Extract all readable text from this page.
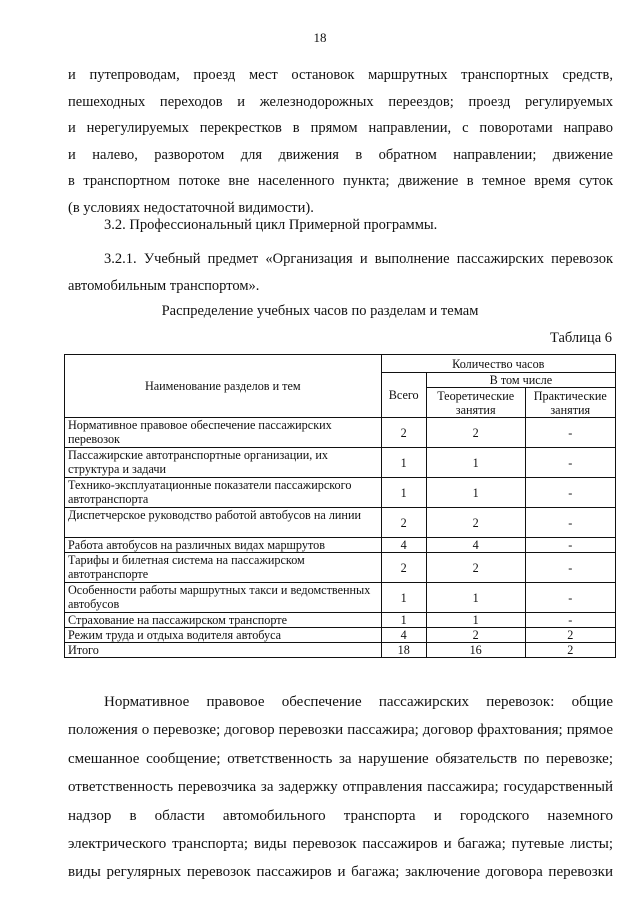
18
и путепроводам, проезд мест остановок маршрутных транспортных средств,
пешеходных переходов и железнодорожных переездов; проезд регулируемых
и нерегулируемых перекрестков в прямом направлении, с поворотами направо
и налево, разворотом для движения в обратном направлении; движение
в транспортном потоке вне населенного пункта; движение в темное время суток
(в условиях недостаточной видимости).
3.2. Профессиональный цикл Примерной программы.
3.2.1. Учебный предмет «Организация и выполнение пассажирских перевозок
автомобильным транспортом».
Распределение учебных часов по разделам и темам
Таблица 6
Наименование разделов и тем	Количество часов		
	Всего	В том числе	
		Теоретические занятия	Практические занятия
Нормативное правовое обеспечение пассажирских перевозок	2	2	-
Пассажирские автотранспортные организации, их структура и задачи	1	1	-
Технико-эксплуатационные показатели пассажирского автотранспорта	1	1	-
Диспетчерское руководство работой автобусов на линии	2	2	-
Работа автобусов на различных видах маршрутов	4	4	-
Тарифы и билетная система на пассажирском автотранспорте	2	2	-
Особенности работы маршрутных такси и ведомственных автобусов	1	1	-
Страхование на пассажирском транспорте	1	1	-
Режим труда и отдыха водителя автобуса	4	2	2
Итого	18	16	2
Нормативное правовое обеспечение пассажирских перевозок: общие
положения о перевозке; договор перевозки пассажира; договор фрахтования; прямое
смешанное сообщение; ответственность за нарушение обязательств по перевозке;
ответственность перевозчика за задержку отправления пассажира; государственный
надзор в области автомобильного транспорта и городского наземного
электрического транспорта; виды перевозок пассажиров и багажа; путевые листы;
виды регулярных перевозок пассажиров и багажа; заключение договора перевозки
